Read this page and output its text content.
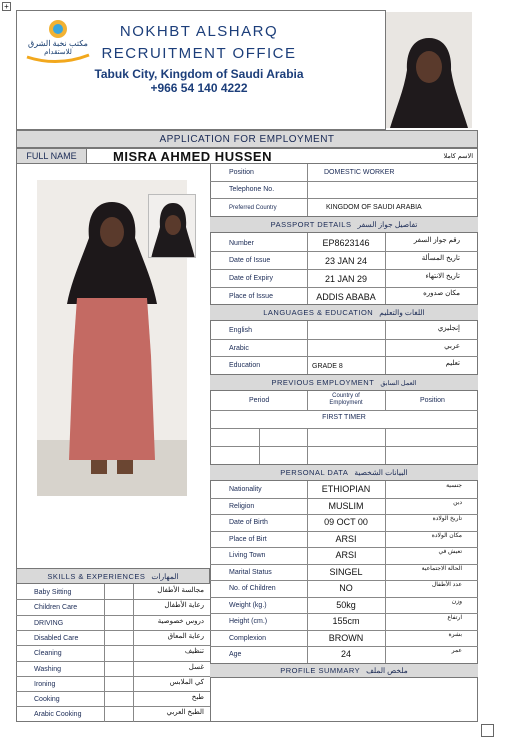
+
مكتب نخبة الشرق
للاستقدام
NOKHBT ALSHARQ
RECRUITMENT OFFICE
Tabuk City, Kingdom of Saudi Arabia
+966 54 140 4222
APPLICATION FOR EMPLOYMENT
FULL NAME	MISRA AHMED HUSSEN	الاسم كاملا
Position	DOMESTIC WORKER
Telephone No.
Preferred Country	KINGDOM OF SAUDI ARABIA
PASSPORT DETAILS تفاصيل جواز السفر
Number	EP8623146	رقم جواز السفر
Date of Issue	23 JAN 24	تاريخ المسألة
Date of Expiry	21 JAN 29	تاريخ الانتهاء
Place of Issue	ADDIS ABABA	مكان صدوره
LANGUAGES & EDUCATION اللغات والتعليم
English	إنجليزي
Arabic	عربي
Education	GRADE 8	تعليم
PREVIOUS EMPLOYMENT العمل السابق
Period
Country of Employment	Position
FIRST TIMER
PERSONAL DATA البيانات الشخصية
Nationality	ETHIOPIAN	جنسية
Religion	MUSLIM	دين
Date of Birth	09 OCT 00	تاريخ الولادة
Place of Birt	ARSI	مكان الولادة
Living Town	ARSI	تعيش في
Marital Status	SINGEL	الحالة الاجتماعية
No. of Children	NO	عدد الأطفال
Weight (kg.)	50kg	وزن
Height (cm.)	155cm	ارتفاع
Complexion	BROWN	بشرة
Age	24	عمر
PROFILE SUMMARY ملخص الملف
SKILLS & EXPERIENCES المهارات
Baby Sitting	مجالسة الأطفال
Children Care	رعاية الأطفال
DRIVING	دروس خصوصية
Disabled Care	رعاية المعاق
Cleaning	تنظيف
Washing	غسل
Ironing	كي الملابس
Cooking	طبخ
Arabic Cooking	الطبخ العربي
